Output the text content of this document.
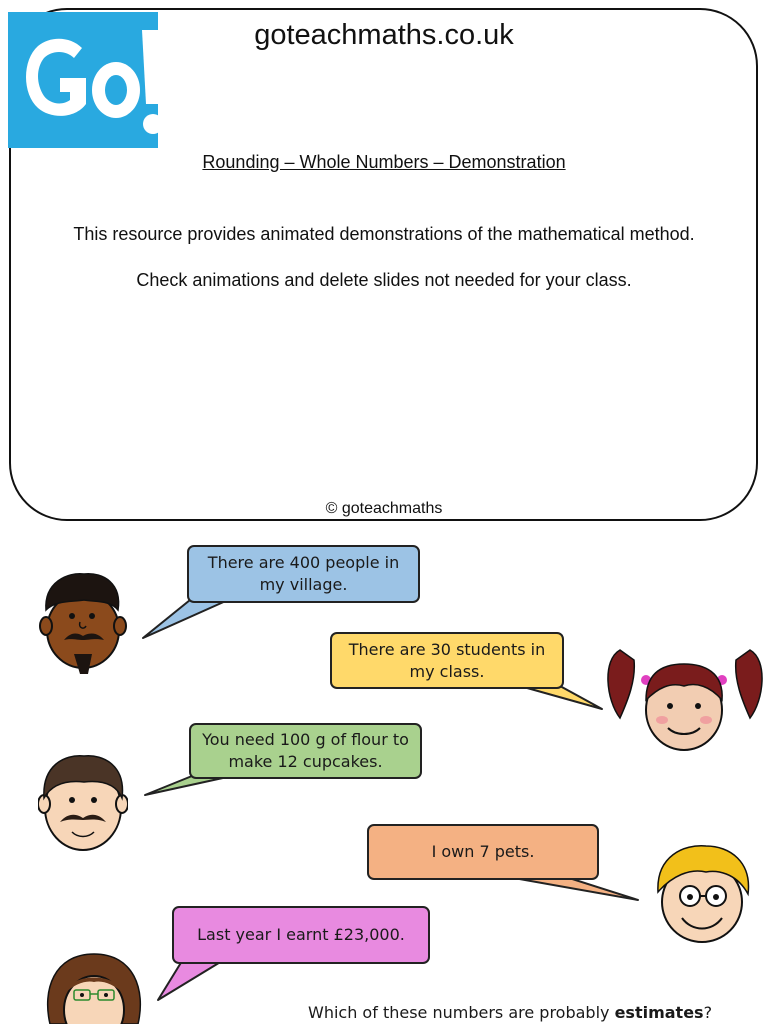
goteachmaths.co.uk
Rounding – Whole Numbers – Demonstration
This resource provides animated demonstrations of the mathematical method.
Check animations and delete slides not needed for your class.
© goteachmaths
There are 400 people in my village.
There are 30 students in my class.
You need 100 g of flour to make 12 cupcakes.
I own 7 pets.
Last year I earnt £23,000.
Which of these numbers are probably estimates?
